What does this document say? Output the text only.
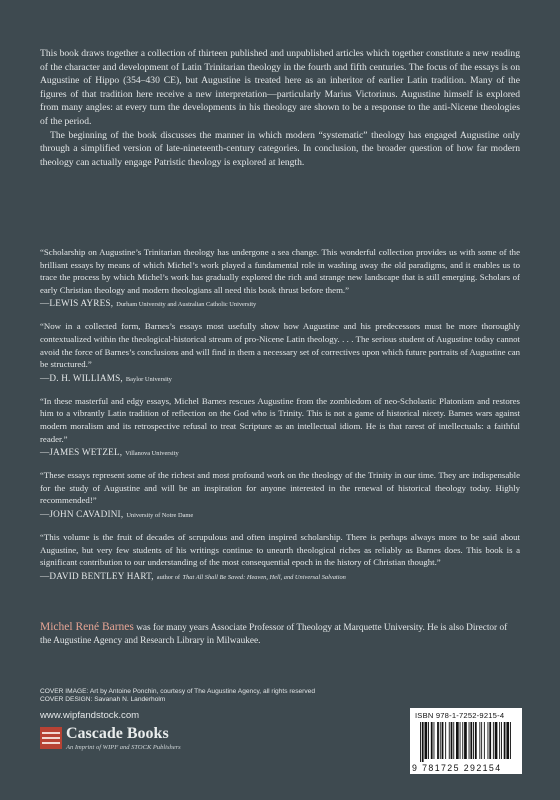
This book draws together a collection of thirteen published and unpublished articles which together constitute a new reading of the character and development of Latin Trinitarian theology in the fourth and fifth centuries. The focus of the essays is on Augustine of Hippo (354–430 CE), but Augustine is treated here as an inheritor of earlier Latin tradition. Many of the figures of that tradition here receive a new interpretation—particularly Marius Victorinus. Augustine himself is explored from many angles: at every turn the developments in his theology are shown to be a response to the anti-Nicene theologies of the period.

The beginning of the book discusses the manner in which modern “systematic” theology has engaged Augustine only through a simplified version of late-nineteenth-century categories. In conclusion, the broader question of how far modern theology can actually engage Patristic theology is explored at length.

“Scholarship on Augustine’s Trinitarian theology has undergone a sea change. This wonderful collection provides us with some of the brilliant essays by means of which Michel’s work played a fundamental role in washing away the old paradigms, and it enables us to trace the process by which Michel’s work has gradually explored the rich and strange new landscape that is still emerging. Scholars of early Christian theology and modern theologians all need this book thrust before them.”

—LEWIS AYRES, Durham University and Australian Catholic University

“Now in a collected form, Barnes’s essays most usefully show how Augustine and his predecessors must be more thoroughly contextualized within the theological-historical stream of pro-Nicene Latin theology. . . . The serious student of Augustine today cannot avoid the force of Barnes’s conclusions and will find in them a necessary set of correctives upon which future portraits of Augustine can be structured.”

—D. H. WILLIAMS, Baylor University

“In these masterful and edgy essays, Michel Barnes rescues Augustine from the zombiedom of neo-Scholastic Platonism and restores him to a vibrantly Latin tradition of reflection on the God who is Trinity. This is not a game of historical nicety. Barnes wars against modern moralism and its retrospective refusal to treat Scripture as an intellectual idiom. He is that rarest of intellectuals: a faithful reader.”

—JAMES WETZEL, Villanova University

“These essays represent some of the richest and most profound work on the theology of the Trinity in our time. They are indispensable for the study of Augustine and will be an inspiration for anyone interested in the renewal of historical theology today. Highly recommended!”

—JOHN CAVADINI, University of Notre Dame

“This volume is the fruit of decades of scrupulous and often inspired scholarship. There is perhaps always more to be said about Augustine, but very few students of his writings continue to unearth theological riches as reliably as Barnes does. This book is a significant contribution to our understanding of the most consequential epoch in the history of Christian thought.”

—DAVID BENTLEY HART, author of That All Shall Be Saved: Heaven, Hell, and Universal Salvation

Michel René Barnes was for many years Associate Professor of Theology at Marquette University. He is also Director of the Augustine Agency and Research Library in Milwaukee.
COVER IMAGE: Art by Antoine Ponchin, courtesy of The Augustine Agency, all rights reserved
COVER DESIGN: Savanah N. Landerholm
www.wipfandstock.com
Cascade Books
An Imprint of WIPF and STOCK Publishers
ISBN 978-1-7252-9215-4
9 781725 292154
